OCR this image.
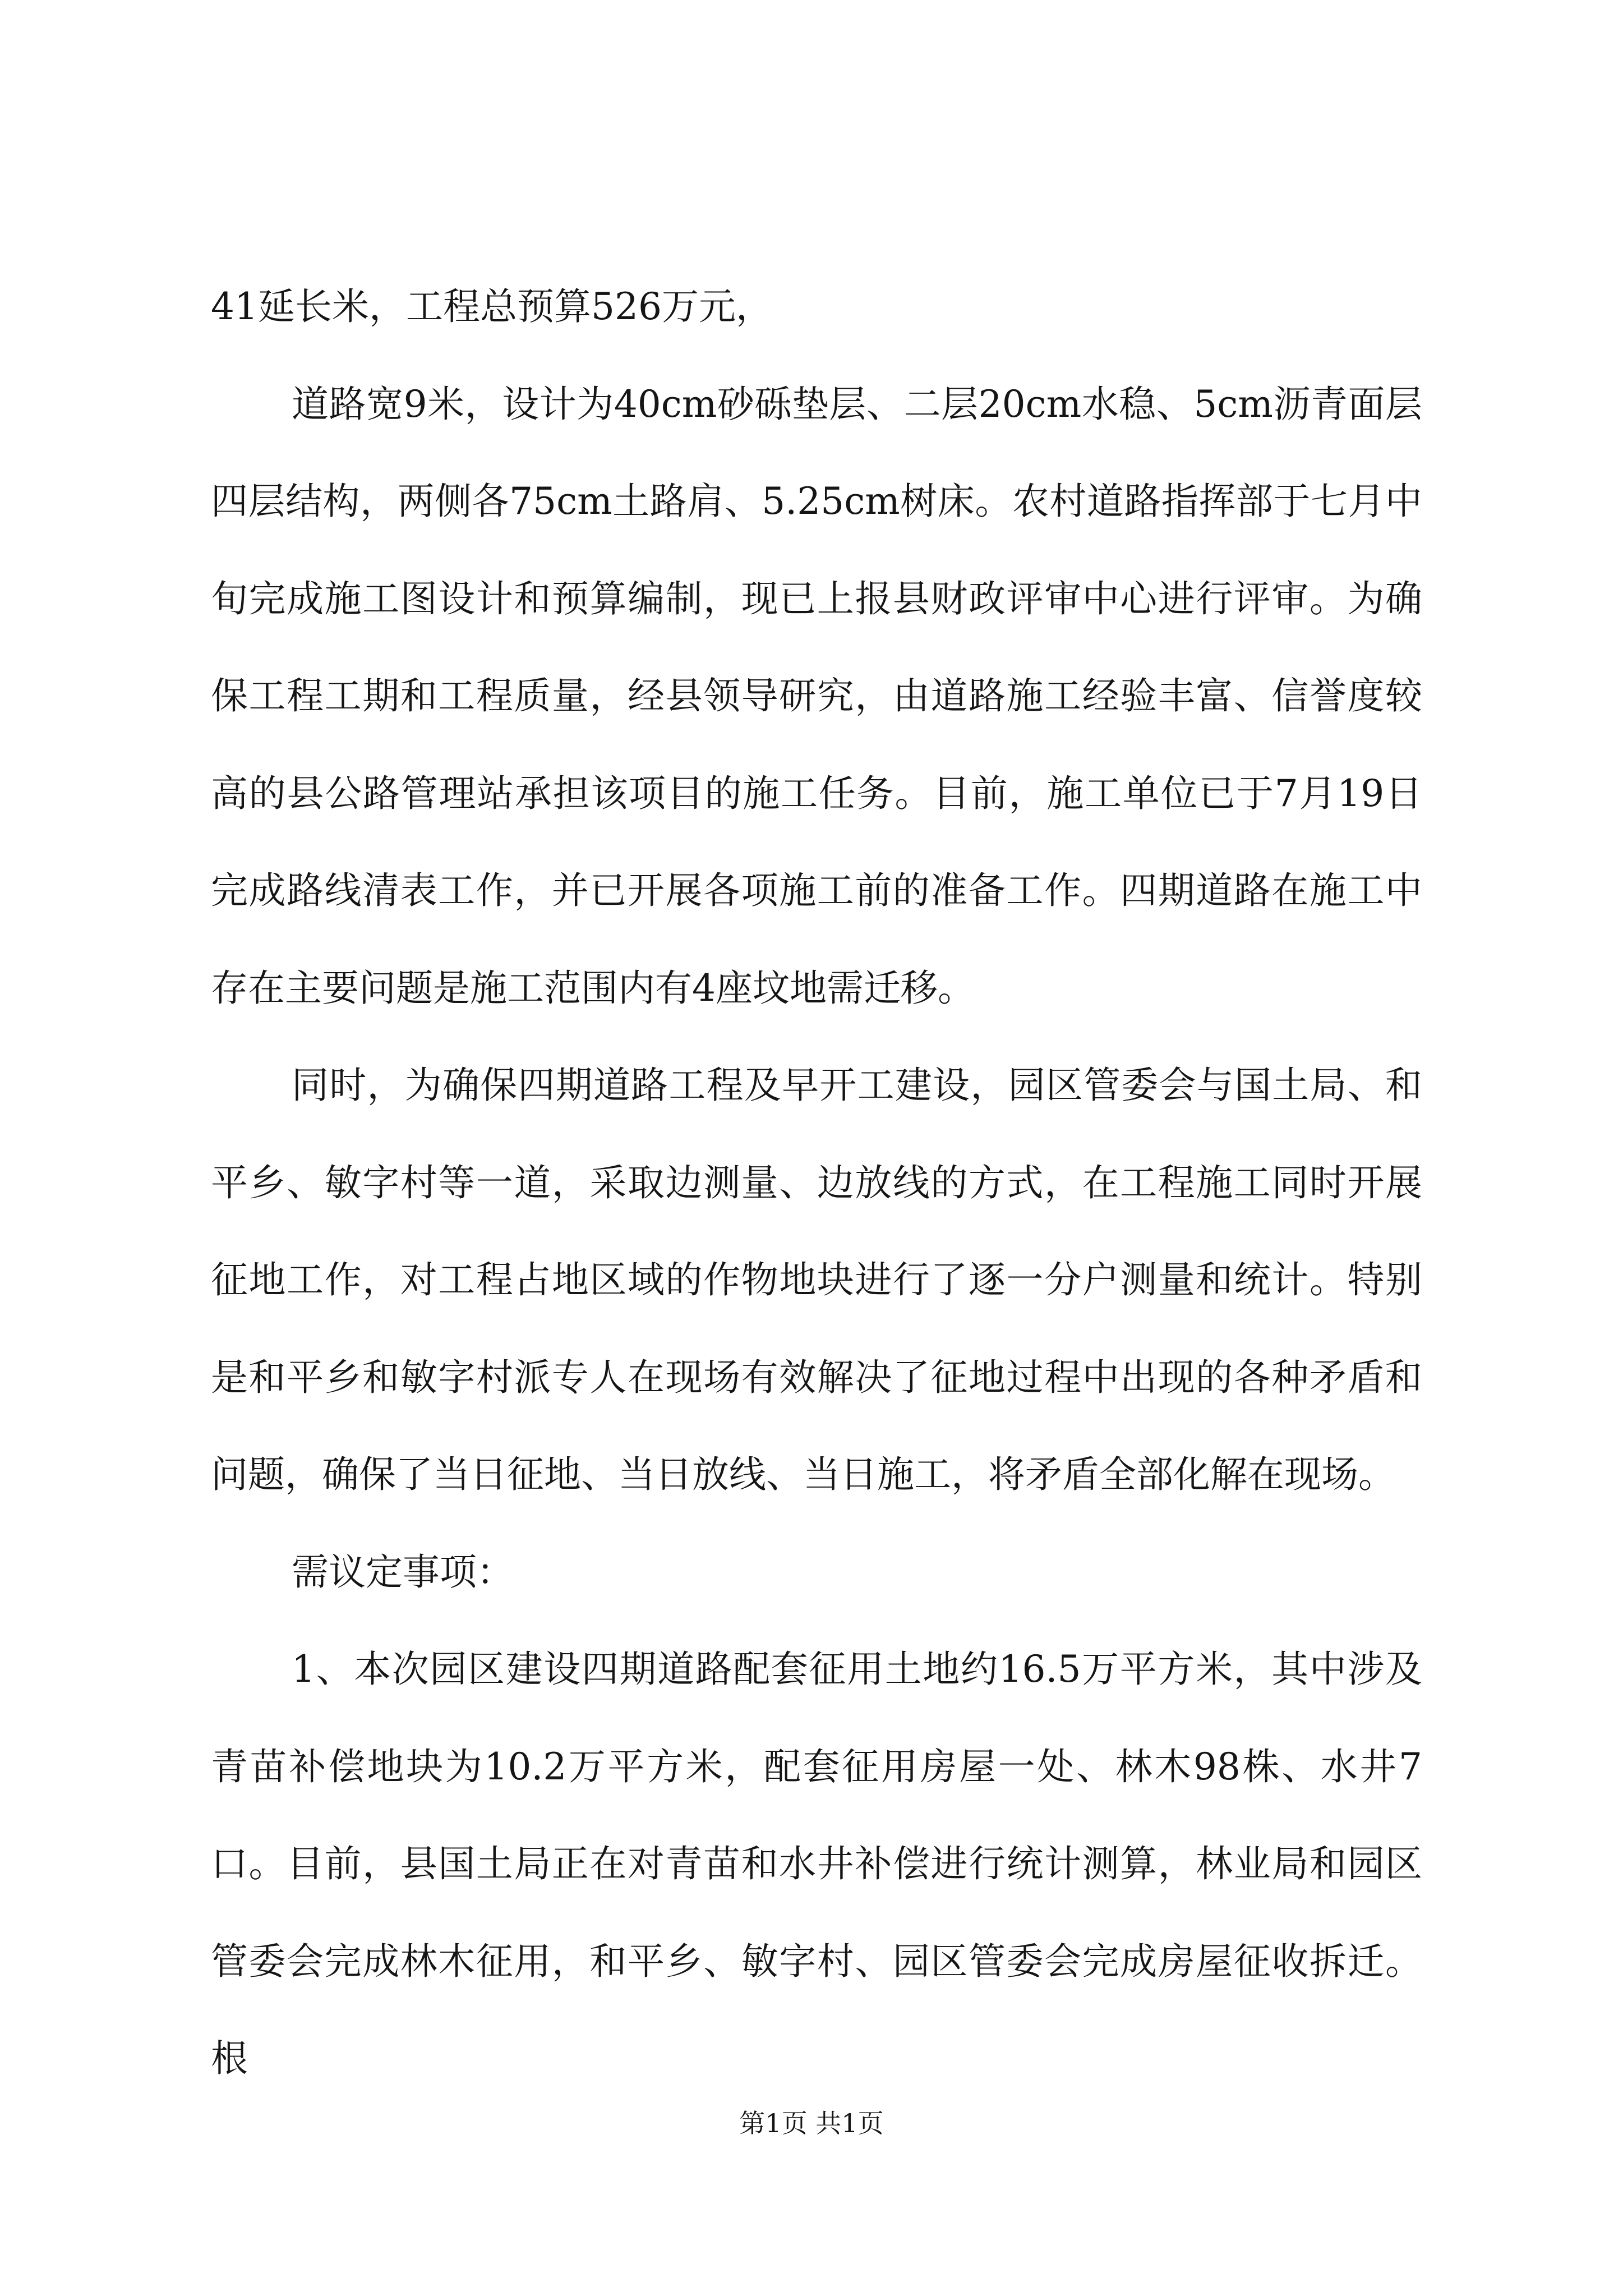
41延长米，工程总预算526万元，

道路宽9米，设计为40cm砂砾垫层、二层20cm水稳、5cm沥青面层四层结构，两侧各75cm土路肩、5.25cm树床。农村道路指挥部于七月中旬完成施工图设计和预算编制，现已上报县财政评审中心进行评审。为确保工程工期和工程质量，经县领导研究，由道路施工经验丰富、信誉度较高的县公路管理站承担该项目的施工任务。目前，施工单位已于7月19日完成路线清表工作，并已开展各项施工前的准备工作。四期道路在施工中存在主要问题是施工范围内有4座坟地需迁移。

同时，为确保四期道路工程及早开工建设，园区管委会与国土局、和平乡、敏字村等一道，采取边测量、边放线的方式，在工程施工同时开展征地工作，对工程占地区域的作物地块进行了逐一分户测量和统计。特别是和平乡和敏字村派专人在现场有效解决了征地过程中出现的各种矛盾和问题，确保了当日征地、当日放线、当日施工，将矛盾全部化解在现场。

需议定事项：

1、本次园区建设四期道路配套征用土地约16.5万平方米，其中涉及青苗补偿地块为10.2万平方米，配套征用房屋一处、林木98株、水井7口。目前，县国土局正在对青苗和水井补偿进行统计测算，林业局和园区管委会完成林木征用，和平乡、敏字村、园区管委会完成房屋征收拆迁。根

第1页 共1页
